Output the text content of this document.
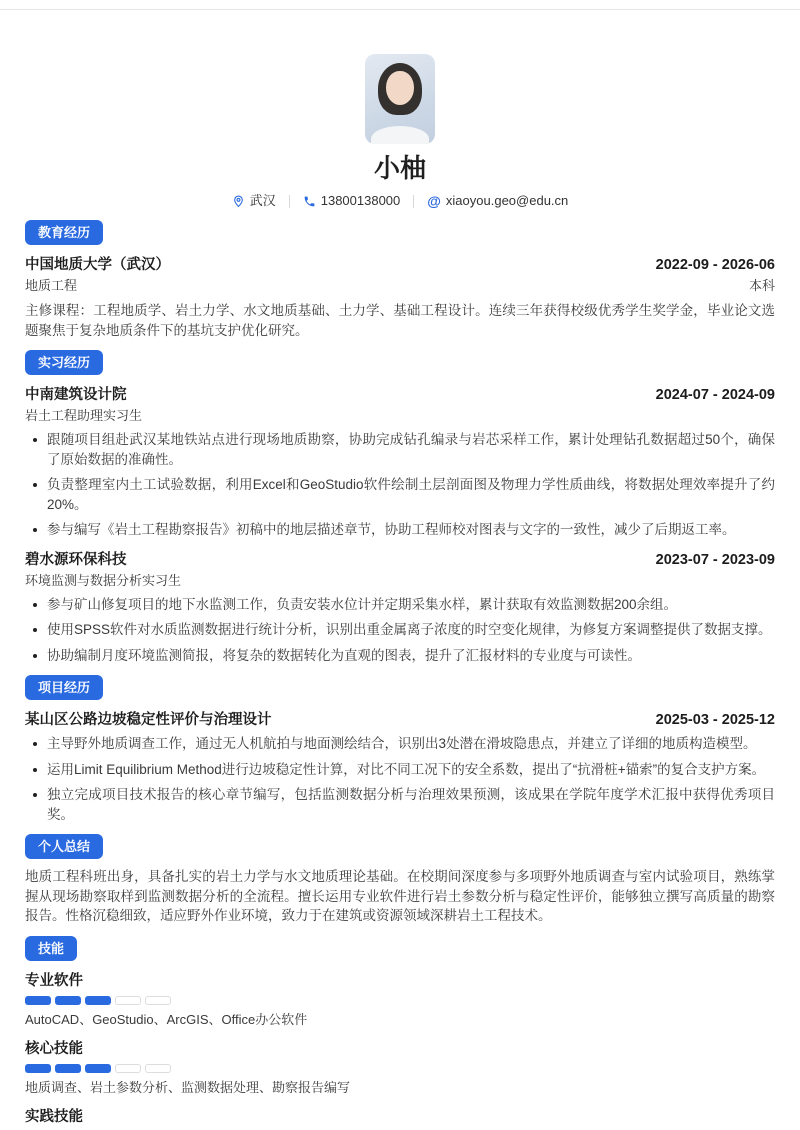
小柚
武汉	13800138000 @ xiaoyou.geo@edu.cn
教育经历
中国地质大学（武汉）	2022-09 - 2026-06
地质工程	本科

主修课程：工程地质学、岩土力学、水文地质基础、土力学、基础工程设计。连续三年获得校级优秀学生奖学金，毕业论文选题聚焦于复杂地质条件下的基坑支护优化研究。

实习经历
中南建筑设计院	2024-07 - 2024-09
岩土工程助理实习生
跟随项目组赴武汉某地铁站点进行现场地质勘察，协助完成钻孔编录与岩芯采样工作，累计处理钻孔数据超过50个，确保了原始数据的准确性。
负责整理室内土工试验数据，利用Excel和GeoStudio软件绘制土层剖面图及物理力学性质曲线，将数据处理效率提升了约20%。
参与编写《岩土工程勘察报告》初稿中的地层描述章节，协助工程师校对图表与文字的一致性，减少了后期返工率。
碧水源环保科技	2023-07 - 2023-09
环境监测与数据分析实习生
参与矿山修复项目的地下水监测工作，负责安装水位计并定期采集水样，累计获取有效监测数据200余组。
使用SPSS软件对水质监测数据进行统计分析，识别出重金属离子浓度的时空变化规律，为修复方案调整提供了数据支撑。
协助编制月度环境监测简报，将复杂的数据转化为直观的图表，提升了汇报材料的专业度与可读性。
项目经历
某山区公路边坡稳定性评价与治理设计	2025-03 - 2025-12
主导野外地质调查工作，通过无人机航拍与地面测绘结合，识别出3处潜在滑坡隐患点，并建立了详细的地质构造模型。
运用Limit Equilibrium Method进行边坡稳定性计算，对比不同工况下的安全系数，提出了“抗滑桩+锚索”的复合支护方案。
独立完成项目技术报告的核心章节编写，包括监测数据分析与治理效果预测，该成果在学院年度学术汇报中获得优秀项目奖。
个人总结

地质工程科班出身，具备扎实的岩土力学与水文地质理论基础。在校期间深度参与多项野外地质调查与室内试验项目，熟练掌握从现场勘察取样到监测数据分析的全流程。擅长运用专业软件进行岩土参数分析与稳定性评价，能够独立撰写高质量的勘察报告。性格沉稳细致，适应野外作业环境，致力于在建筑或资源领域深耕岩土工程技术。

技能
专业软件
AutoCAD、GeoStudio、ArcGIS、Office办公软件
核心技能
地质调查、岩土参数分析、监测数据处理、勘察报告编写
实践技能
